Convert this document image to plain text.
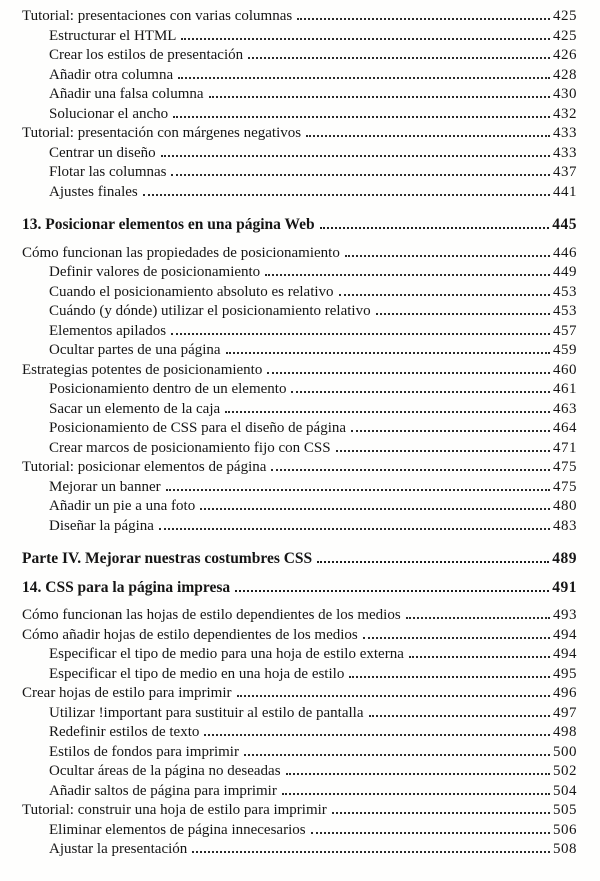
Tutorial: presentaciones con varias columnas	425
Estructurar el HTML	425
Crear los estilos de presentación	426
Añadir otra columna	428
Añadir una falsa columna	430
Solucionar el ancho	432
Tutorial: presentación con márgenes negativos	433
Centrar un diseño	433
Flotar las columnas	437
Ajustes finales	441
13. Posicionar elementos en una página Web	445
Cómo funcionan las propiedades de posicionamiento	446
Definir valores de posicionamiento	449
Cuando el posicionamiento absoluto es relativo	453
Cuándo (y dónde) utilizar el posicionamiento relativo	453
Elementos apilados	457
Ocultar partes de una página	459
Estrategias potentes de posicionamiento	460
Posicionamiento dentro de un elemento	461
Sacar un elemento de la caja	463
Posicionamiento de CSS para el diseño de página	464
Crear marcos de posicionamiento fijo con CSS	471
Tutorial: posicionar elementos de página	475
Mejorar un banner	475
Añadir un pie a una foto	480
Diseñar la página	483
Parte IV. Mejorar nuestras costumbres CSS	489
14. CSS para la página impresa	491
Cómo funcionan las hojas de estilo dependientes de los medios	493
Cómo añadir hojas de estilo dependientes de los medios	494
Especificar el tipo de medio para una hoja de estilo externa	494
Especificar el tipo de medio en una hoja de estilo	495
Crear hojas de estilo para imprimir	496
Utilizar !important para sustituir al estilo de pantalla	497
Redefinir estilos de texto	498
Estilos de fondos para imprimir	500
Ocultar áreas de la página no deseadas	502
Añadir saltos de página para imprimir	504
Tutorial: construir una hoja de estilo para imprimir	505
Eliminar elementos de página innecesarios	506
Ajustar la presentación	508
